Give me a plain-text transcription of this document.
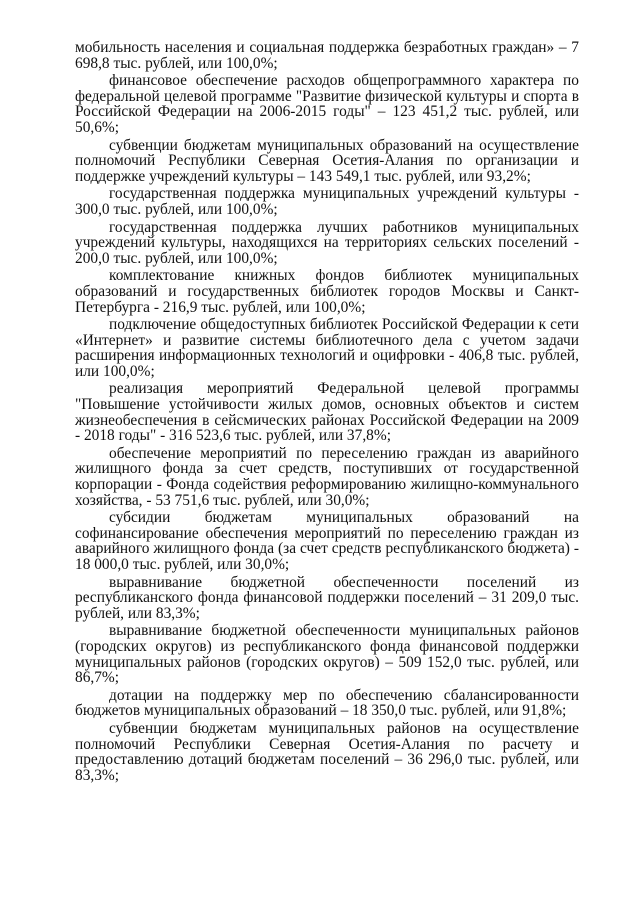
мобильность населения и социальная поддержка безработных граждан» – 7 698,8 тыс. рублей, или 100,0%;

финансовое обеспечение расходов общепрограммного характера по федеральной целевой программе "Развитие физической культуры и спорта в Российской Федерации на 2006-2015 годы" – 123 451,2 тыс. рублей, или 50,6%;

субвенции бюджетам муниципальных образований на осуществление полномочий Республики Северная Осетия-Алания по организации и поддержке учреждений культуры – 143 549,1 тыс. рублей, или 93,2%;

государственная поддержка муниципальных учреждений культуры - 300,0 тыс. рублей, или 100,0%;

государственная поддержка лучших работников муниципальных учреждений культуры, находящихся на территориях сельских поселений - 200,0 тыс. рублей, или 100,0%;

комплектование книжных фондов библиотек муниципальных образований и государственных библиотек городов Москвы и Санкт-Петербурга - 216,9 тыс. рублей, или 100,0%;

подключение общедоступных библиотек Российской Федерации к сети «Интернет» и развитие системы библиотечного дела с учетом задачи расширения информационных технологий и оцифровки - 406,8 тыс. рублей, или 100,0%;

реализация мероприятий Федеральной целевой программы "Повышение устойчивости жилых домов, основных объектов и систем жизнеобеспечения в сейсмических районах Российской Федерации на 2009 - 2018 годы" - 316 523,6 тыс. рублей, или 37,8%;

обеспечение мероприятий по переселению граждан из аварийного жилищного фонда за счет средств, поступивших от государственной корпорации - Фонда содействия реформированию жилищно-коммунального хозяйства, - 53 751,6 тыс. рублей, или 30,0%;

субсидии бюджетам муниципальных образований на софинансирование обеспечения мероприятий по переселению граждан из аварийного жилищного фонда (за счет средств республиканского бюджета) - 18 000,0 тыс. рублей, или 30,0%;

выравнивание бюджетной обеспеченности поселений из республиканского фонда финансовой поддержки поселений – 31 209,0 тыс. рублей, или 83,3%;

выравнивание бюджетной обеспеченности муниципальных районов (городских округов) из республиканского фонда финансовой поддержки муниципальных районов (городских округов) – 509 152,0 тыс. рублей, или 86,7%;

дотации на поддержку мер по обеспечению сбалансированности бюджетов муниципальных образований – 18 350,0 тыс. рублей, или 91,8%;

субвенции бюджетам муниципальных районов на осуществление полномочий Республики Северная Осетия-Алания по расчету и предоставлению дотаций бюджетам поселений – 36 296,0 тыс. рублей, или 83,3%;
